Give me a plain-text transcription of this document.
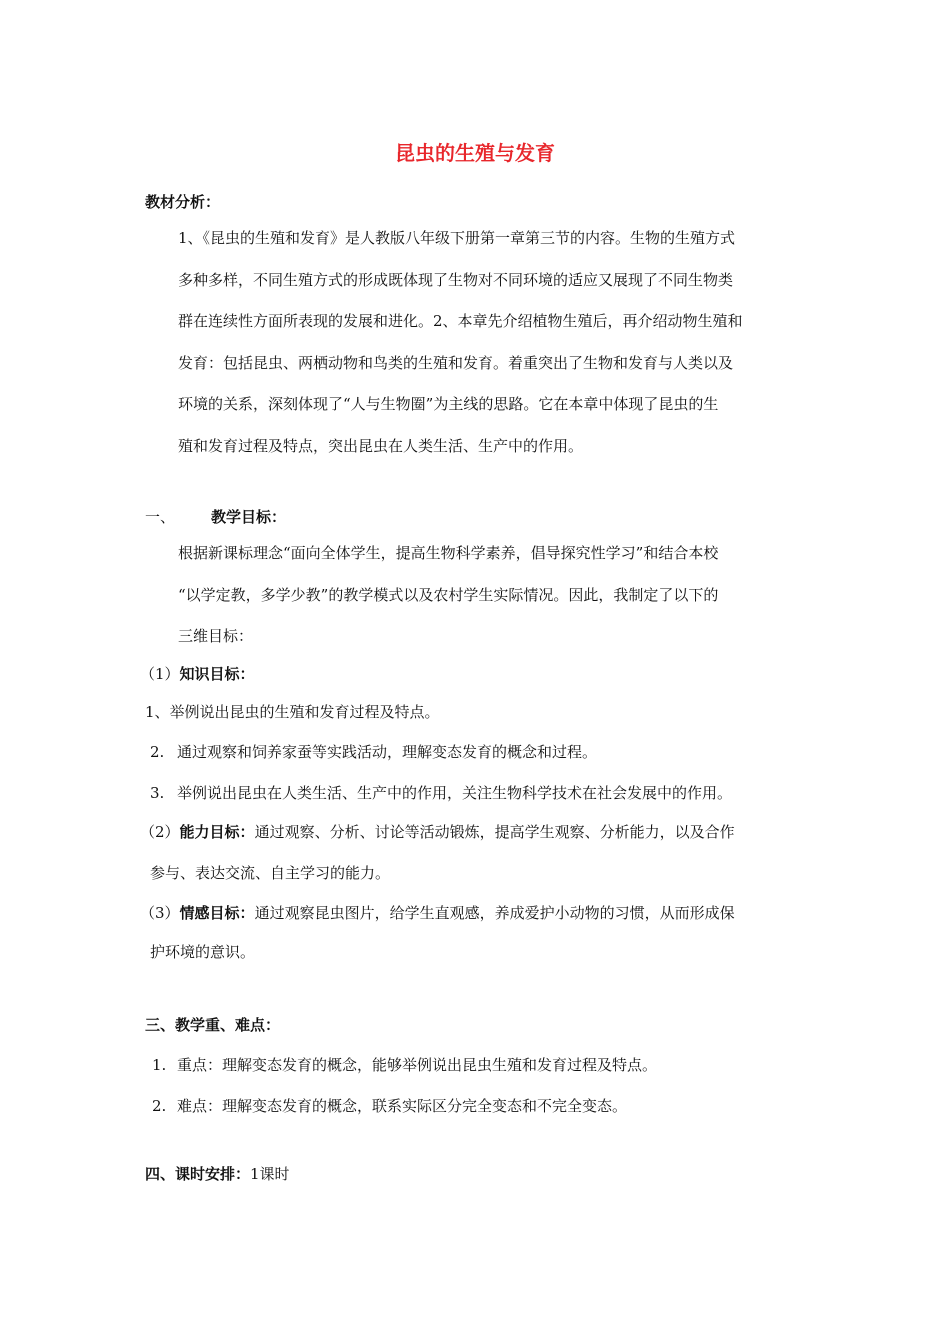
昆虫的生殖与发育
教材分析：
1、《昆虫的生殖和发育》是人教版八年级下册第一章第三节的内容。生物的生殖方式
多种多样，不同生殖方式的形成既体现了生物对不同环境的适应又展现了不同生物类
群在连续性方面所表现的发展和进化。2、本章先介绍植物生殖后，再介绍动物生殖和
发育：包括昆虫、两栖动物和鸟类的生殖和发育。着重突出了生物和发育与人类以及
环境的关系，深刻体现了“人与生物圈”为主线的思路。它在本章中体现了昆虫的生
殖和发育过程及特点，突出昆虫在人类生活、生产中的作用。
一、 教学目标：
根据新课标理念“面向全体学生，提高生物科学素养，倡导探究性学习”和结合本校
“以学定教，多学少教”的教学模式以及农村学生实际情况。因此，我制定了以下的
三维目标：
（1）知识目标：
1、举例说出昆虫的生殖和发育过程及特点。
2. 通过观察和饲养家蚕等实践活动，理解变态发育的概念和过程。
3. 举例说出昆虫在人类生活、生产中的作用，关注生物科学技术在社会发展中的作用。
（2）能力目标：通过观察、分析、讨论等活动锻炼，提高学生观察、分析能力，以及合作
参与、表达交流、自主学习的能力。
（3）情感目标：通过观察昆虫图片，给学生直观感，养成爱护小动物的习惯，从而形成保
护环境的意识。
三、教学重、难点：
1. 重点：理解变态发育的概念，能够举例说出昆虫生殖和发育过程及特点。
2. 难点：理解变态发育的概念，联系实际区分完全变态和不完全变态。
四、课时安排：1课时
